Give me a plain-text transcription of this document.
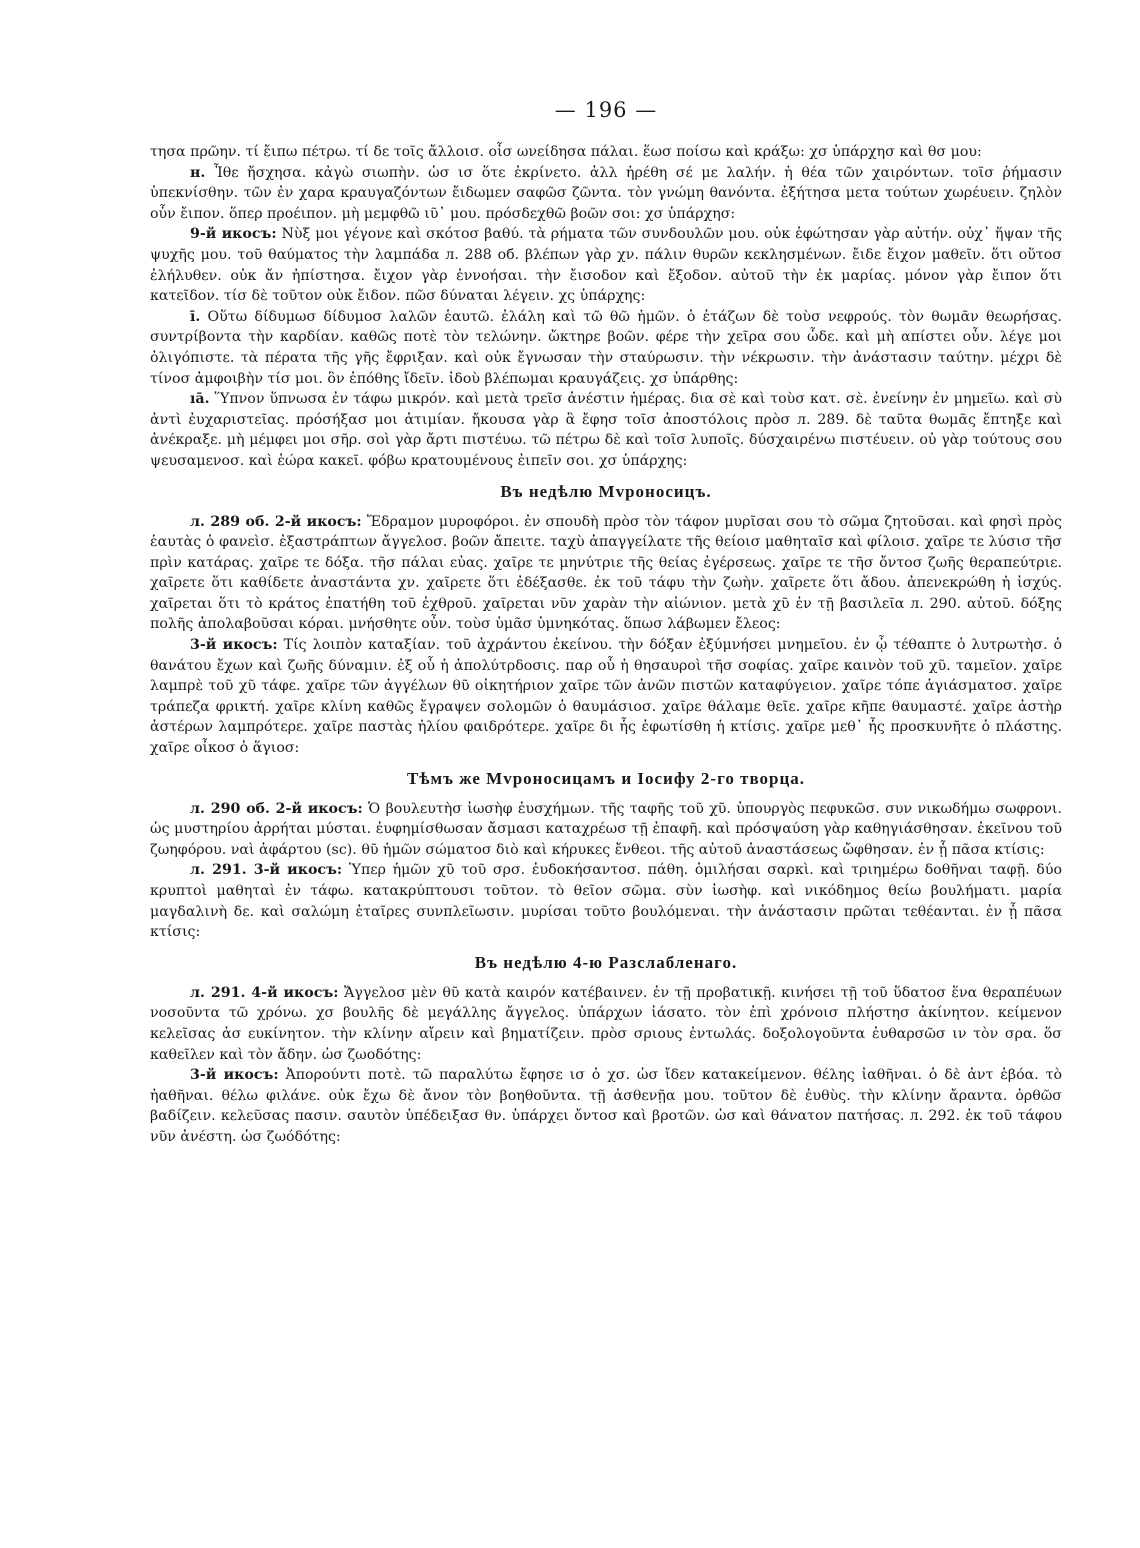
— 196 —

τησα πρῶην. τί ἔιπω πέτρω. τί δε τοῖς ἄλλοισ. οἷσ ωνείδησα πάλαι. ἕωσ ποίσω καὶ κράξω: χσ ὑπάρχησ καὶ θσ μου:

н. Ἶθε ἤσχησα. κἀγὼ σιωπὴν. ὡσ ισ ὅτε ἐκρίνετο. ἀλλ ἠρέθη σέ με λαλήν. ἡ θέα τῶν χαιρόντων. τοῖσ ῥήμασιν ὑπεκνίσθην. τῶν ἐν χαρα κραυγαζόντων ἔιδωμεν σαφῶσ ζῶντα. τὸν γνώμη θανόντα. ἐξήτησα μετα τούτων χωρέυειν. ζηλὸν οὖν ἔιπον. ὅπερ προέιπον. μὴ μεμφθῶ ιῦ᾿ μου. πρόσδεχθῶ βοῶν σοι: χσ ὑπάρχησ:

9-й икосъ: Νὺξ μοι γέγονε καὶ σκότοσ βαθύ. τὰ ρήματα τῶν συνδουλῶν μου. οὐκ ἐφώτησαν γὰρ αὐτήν. οὐχ᾿ ἥψαν τῆς ψυχῆς μου. τοῦ θαύματος τὴν λαμπάδα л. 288 об. βλέπων γὰρ χν. πάλιν θυρῶν κεκλησμένων. ἔιδε ἔιχον μαθεῖν. ὅτι οὕτοσ ἐλήλυθεν. οὐκ ἄν ἠπίστησα. ἔιχον γὰρ ἐννοήσαι. τὴν ἔισοδον καὶ ἔξοδον. αὐτοῦ τὴν ἐκ μαρίας. μόνον γὰρ ἔιπον ὅτι κατεῖδον. τίσ δὲ τοῦτον οὐκ ἔιδον. πῶσ δύναται λέγειν. χς ὑπάρχης:

ī. Οὕτω δίδυμωσ δίδυμοσ λαλῶν ἑαυτῶ. ἐλάλη καὶ τῶ θῶ ἡμῶν. ὁ ἐτάζων δὲ τοὺσ νεφρούς. τὸν θωμᾶν θεωρήσας. συντρίβοντα τὴν καρδίαν. καθῶς ποτὲ τὸν τελώνην. ὤκτηρε βοῶν. φέρε τὴν χεῖρα σου ὧδε. καὶ μὴ απίστει οὖν. λέγε μοι ὀλιγόπιστε. τὰ πέρατα τῆς γῆς ἔφριξαν. καὶ οὐκ ἔγνωσαν τὴν σταύρωσιν. τὴν νέκρωσιν. τὴν ἀνάστασιν ταύτην. μέχρι δὲ τίνοσ ἀμφοιβὴν τίσ μοι. ὃν ἐπόθης ἴδεῖν. ἰδοὺ βλέπωμαι κραυγάζεις. χσ ὑπάρθης:

ıā. Ὕπνον ὕπνωσα ἐν τάφω μικρόν. καὶ μετὰ τρεῖσ ἀνέστιν ἡμέρας. δια σὲ καὶ τοὺσ κατ. σὲ. ἐνείνην ἐν μημεῖω. καὶ σὺ ἀντὶ ἐυχαριστεῖας. πρόσήξασ μοι ἀτιμίαν. ἤκουσα γὰρ ἃ ἔφησ τοῖσ ἀποστόλοις πρὸσ л. 289. δὲ ταῦτα θωμᾶς ἔπτηξε καὶ ἀνέκραξε. μὴ μέμφει μοι σῆρ. σοὶ γὰρ ἄρτι πιστέυω. τῶ πέτρω δὲ καὶ τοῖσ λυποῖς. δύσχαιρένω πιστέυειν. οὐ γὰρ τούτους σου ψευσαμενοσ. καὶ ἑώρα κακεῖ. φόβω κρατουμένους ἐιπεῖν σοι. χσ ὑπάρχης:

Въ недѣлю Мvроносицъ.

л. 289 об. 2-й икосъ: Ἔδραμον μυροφόροι. ἐν σπουδὴ πρὸσ τὸν τάφον μυρῖσαι σου τὸ σῶμα ζητοῦσαι. καὶ φησὶ πρὸς ἑαυτὰς ὁ φανεὶσ. ἐξαστράπτων ἄγγελοσ. βοῶν ἄπειτε. ταχὺ ἀπαγγείλατε τῆς θείοισ μαθηταῖσ καὶ φίλοισ. χαῖρε τε λύσισ τῆσ πρὶν κατάρας. χαῖρε τε δόξα. τῆσ πάλαι εὐας. χαῖρε τε μηνύτριε τῆς θείας ἐγέρσεως. χαῖρε τε τῆσ ὄντοσ ζωῆς θεραπεύτριε. χαῖρετε ὅτι καθίδετε ἀναστάντα χν. χαῖρετε ὅτι ἐδέξασθε. ἐκ τοῦ τάφυ τὴν ζωὴν. χαῖρετε ὅτι ἄδου. ἀπενεκρώθη ἡ ἰσχύς. χαῖρεται ὅτι τὸ κράτος ἐπατήθη τοῦ ἐχθροῦ. χαῖρεται νῦν χαρὰν τὴν αἰώνιον. μετὰ χῦ ἐν τῇ βασιλεῖα л. 290. αὐτοῦ. δόξης πολῆς ἀπολαβοῦσαι κόραι. μνήσθητε οὖν. τοὺσ ὑμᾶσ ὑμνηκότας. ὅπωσ λάβωμεν ἔλεος:

3-й икосъ: Τίς λοιπὸν καταξίαν. τοῦ ἀχράντου ἐκείνου. τὴν δόξαν ἐξύμνήσει μνημεῖου. ἐν ᾧ τέθαπτε ὁ λυτρωτὴσ. ὁ θανάτου ἔχων καὶ ζωῆς δύναμιν. ἐξ οὗ ἡ ἀπολύτρδοσις. παρ οὗ ἡ θησαυροὶ τῆσ σοφίας. χαῖρε καινὸν τοῦ χῦ. ταμεῖον. χαῖρε λαμπρὲ τοῦ χῦ τάφε. χαῖρε τῶν ἀγγέλων θῦ οἰκητήριον χαῖρε τῶν ἀνῶν πιστῶν καταφύγειον. χαῖρε τόπε ἁγιάσματοσ. χαῖρε τράπεζα φρικτή. χαῖρε κλίνη καθῶς ἔγραψεν σολομῶν ὁ θαυμάσιοσ. χαῖρε θάλαμε θεῖε. χαῖρε κῆπε θαυμαστέ. χαῖρε ἀστὴρ ἀστέρων λαμπρότερε. χαῖρε παστὰς ἡλίου φαιδρότερε. χαῖρε δι ἧς ἐφωτίσθη ἡ κτίσις. χαῖρε μεθ᾿ ἧς προσκυνῆτε ὁ πλάστης. χαῖρε οἶκοσ ὁ ἅγιοσ:

Тѣмъ же Мvроносицамъ и Іосифу 2-го творца.

л. 290 об. 2-й икосъ: Ὁ βουλευτὴσ ἰωσὴφ ἐυσχήμων. τῆς ταφῆς τοῦ χῦ. ὑπουργὸς πεφυκῶσ. συν νικωδήμω σωφρονι. ὡς μυστηρίου ἀρρήται μύσται. ἐυφημίσθωσαν ἄσμασι καταχρέωσ τῇ ἐπαφῆ. καὶ πρόσψαύση γὰρ καθηγιάσθησαν. ἐκεῖνου τοῦ ζωηφόρου. ναὶ ἀφάρτου (sc). θῦ ἡμῶν σώματοσ διὸ καὶ κήρυκες ἔνθεοι. τῆς αὐτοῦ ἀναστάσεως ὤφθησαν. ἐν ᾗ πᾶσα κτίσις:

л. 291. 3-й икосъ: Ὑπερ ἡμῶν χῦ τοῦ σρσ. ἐυδοκήσαντοσ. πάθη. ὁμιλήσαι σαρκὶ. καὶ τριημέρω δοθῆναι ταφῇ. δύο κρυπτοὶ μαθηταὶ ἐν τάφω. κατακρύπτουσι τοῦτον. τὸ θεῖον σῶμα. σὺν ἰωσὴφ. καὶ νικόδημος θείω βουλήματι. μαρία μαγδαλινὴ δε. καὶ σαλώμη ἑταῖρες συνπλεῖωσιν. μυρίσαι τοῦτο βουλόμεναι. τὴν ἀνάστασιν πρῶται τεθέανται. ἐν ᾗ πᾶσα κτίσις:

Въ недѣлю 4-ю Разслабленаго.

л. 291. 4-й икосъ: Ἄγγελοσ μὲν θῦ κατὰ καιρόν κατέβαινεν. ἐν τῇ προβατικῇ. κινήσει τῇ τοῦ ὕδατοσ ἕνα θεραπέυων νοσοῦντα τῶ χρόνω. χσ βουλῆς δὲ μεγάλλης ἄγγελος. ὑπάρχων ἰάσατο. τὸν ἐπὶ χρόνοισ πλήστησ ἀκίνητον. κείμενον κελεῖσας ἀσ ευκίνητον. τὴν κλίνην αἴρειν καὶ βηματίζειν. πρὸσ σριους ἐντωλάς. δοξολογοῦντα ἐυθαρσῶσ ιν τὸν σρα. ὅσ καθεῖλεν καὶ τὸν ἄδην. ὡσ ζωοδότης:

3-й икосъ: Ἀπορούντι ποτὲ. τῶ παραλύτω ἔφησε ισ ὁ χσ. ὡσ ἴδεν κατακείμενον. θέλης ἰαθῆναι. ὁ δὲ ἀντ ἐβόα. τὸ ἠαθῆναι. θέλω φιλάνε. οὐκ ἔχω δὲ ἄνον τὸν βοηθοῦντα. τῇ ἀσθενῇα μου. τοῦτον δὲ ἐυθὺς. τὴν κλίνην ἄραντα. ὀρθῶσ βαδίζειν. κελεῦσας πασιν. σαυτὸν ὑπέδειξασ θν. ὑπάρχει ὄντοσ καὶ βροτῶν. ὡσ καὶ θάνατον πατήσας. л. 292. ἐκ τοῦ τάφου νῦν ἀνέστη. ὡσ ζωόδότης:
